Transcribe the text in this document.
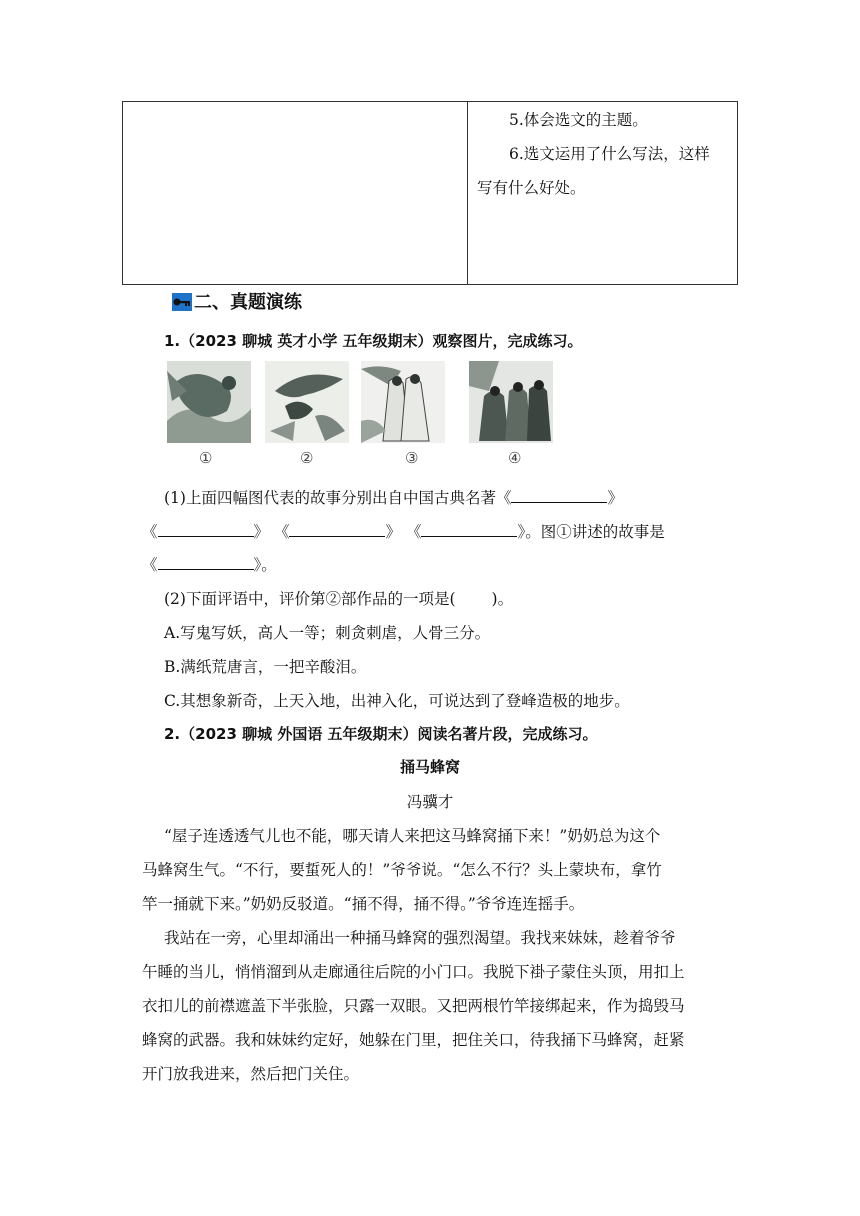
5.体会选文的主题。
6.选文运用了什么写法，这样
写有什么好处。
二、真题演练
1.（2023 聊城 英才小学 五年级期末）观察图片，完成练习。
①	②	③	④
(1)上面四幅图代表的故事分别出自中国古典名著《	》
《	》 《	》 《	》。图①讲述的故事是
《	》。
(2)下面评语中，评价第②部作品的一项是( )。
A.写鬼写妖，高人一等；刺贪刺虐，人骨三分。
B.满纸荒唐言，一把辛酸泪。
C.其想象新奇，上天入地，出神入化，可说达到了登峰造极的地步。
2.（2023 聊城 外国语 五年级期末）阅读名著片段，完成练习。
捅马蜂窝
冯骥才
“屋子连透透气儿也不能，哪天请人来把这马蜂窝捅下来！”奶奶总为这个
马蜂窝生气。“不行，要蜇死人的！”爷爷说。“怎么不行？头上蒙块布，拿竹
竿一捅就下来。”奶奶反驳道。“捅不得，捅不得。”爷爷连连摇手。
我站在一旁，心里却涌出一种捅马蜂窝的强烈渴望。我找来妹妹，趁着爷爷
午睡的当儿，悄悄溜到从走廊通往后院的小门口。我脱下褂子蒙住头顶，用扣上
衣扣儿的前襟遮盖下半张脸，只露一双眼。又把两根竹竿接绑起来，作为捣毁马
蜂窝的武器。我和妹妹约定好，她躲在门里，把住关口，待我捅下马蜂窝，赶紧
开门放我进来，然后把门关住。
